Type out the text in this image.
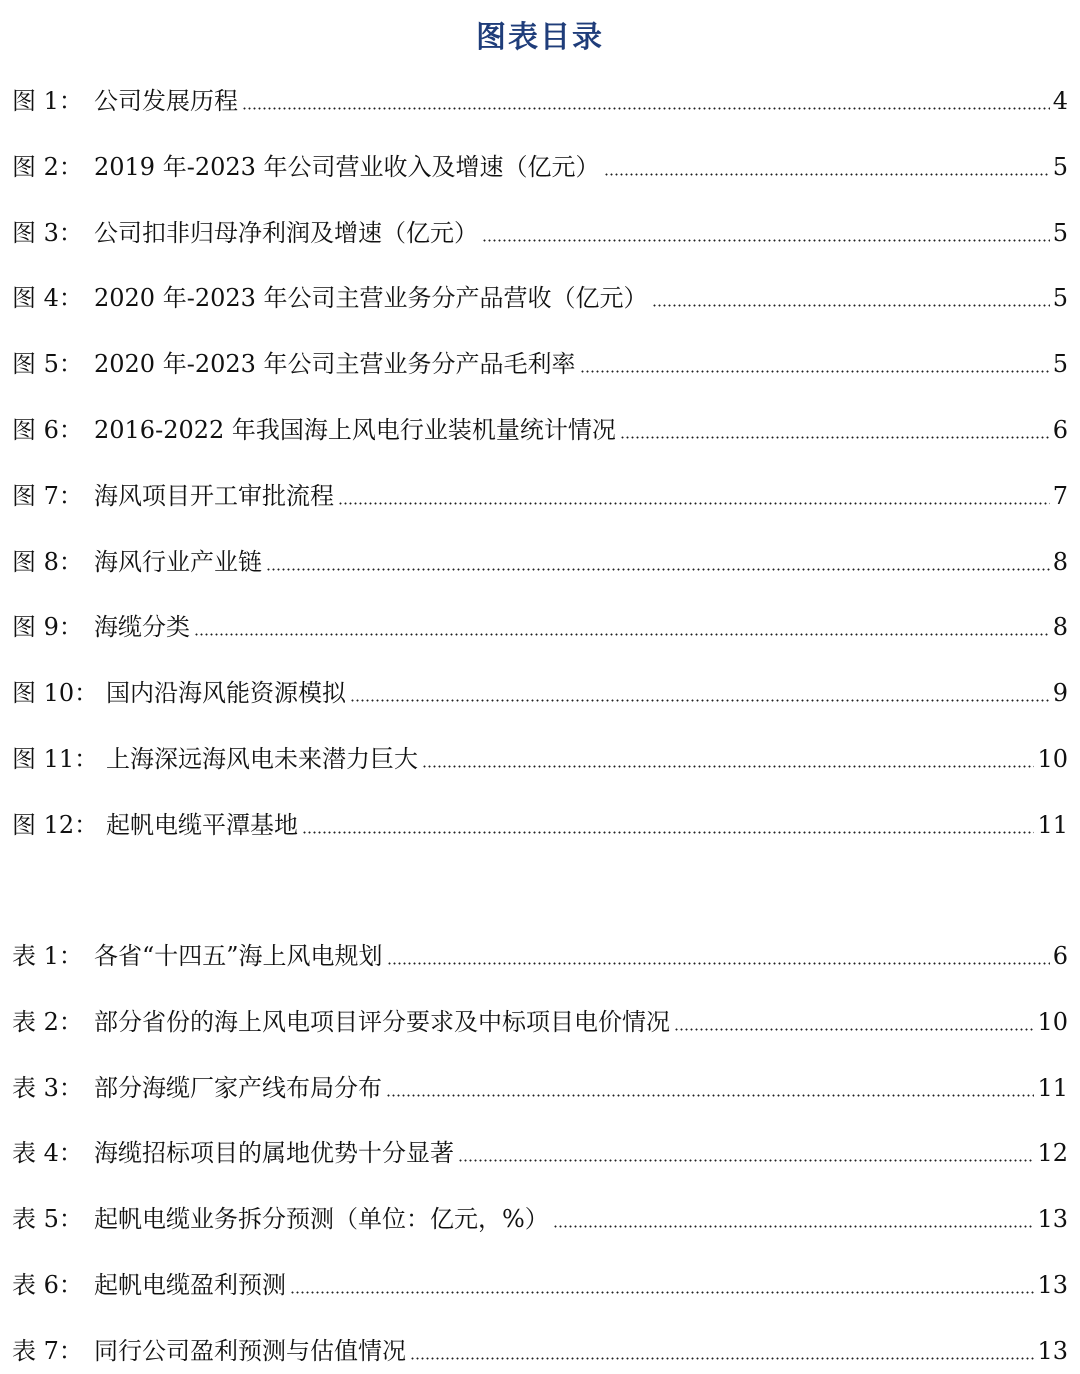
图表目录
图 1： 公司发展历程	4
图 2： 2019 年-2023 年公司营业收入及增速（亿元）	5
图 3： 公司扣非归母净利润及增速（亿元）	5
图 4： 2020 年-2023 年公司主营业务分产品营收（亿元）	5
图 5： 2020 年-2023 年公司主营业务分产品毛利率	5
图 6： 2016-2022 年我国海上风电行业装机量统计情况	6
图 7： 海风项目开工审批流程	7
图 8： 海风行业产业链	8
图 9： 海缆分类	8
图 10： 国内沿海风能资源模拟	9
图 11： 上海深远海风电未来潜力巨大	10
图 12： 起帆电缆平潭基地	11
表 1： 各省“十四五”海上风电规划	6
表 2： 部分省份的海上风电项目评分要求及中标项目电价情况	10
表 3： 部分海缆厂家产线布局分布	11
表 4： 海缆招标项目的属地优势十分显著	12
表 5： 起帆电缆业务拆分预测（单位：亿元，%）	13
表 6： 起帆电缆盈利预测	13
表 7： 同行公司盈利预测与估值情况	13
